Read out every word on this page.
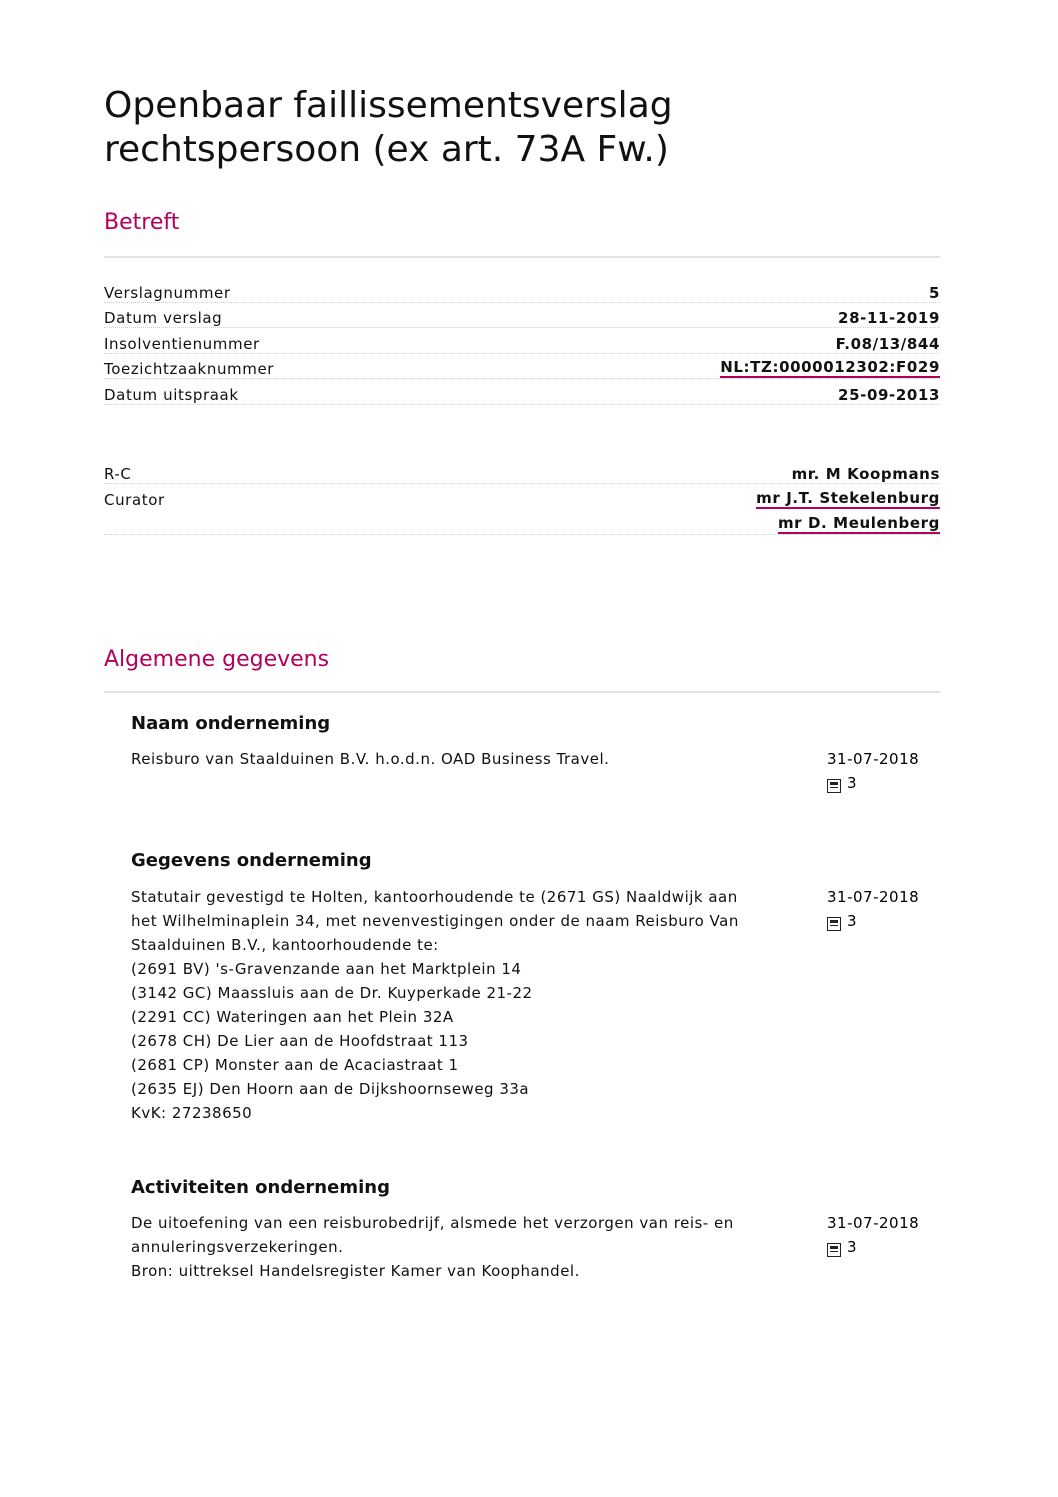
Openbaar faillissementsverslag
rechtspersoon (ex art. 73A Fw.)
Betreft
Verslagnummer	5
Datum verslag	28-11-2019
Insolventienummer	F.08/13/844
Toezichtzaaknummer	NL:TZ:0000012302:F029
Datum uitspraak	25-09-2013
R-C	mr. M Koopmans
Curator	mr J.T. Stekelenburg
mr D. Meulenberg
Algemene gegevens
Naam onderneming
Reisburo van Staalduinen B.V. h.o.d.n. OAD Business Travel.	31-07-2018
3
Gegevens onderneming
Statutair gevestigd te Holten, kantoorhoudende te (2671 GS) Naaldwijk aan
het Wilhelminaplein 34, met nevenvestigingen onder de naam Reisburo Van
Staalduinen B.V., kantoorhoudende te:
(2691 BV) 's-Gravenzande aan het Marktplein 14
(3142 GC) Maassluis aan de Dr. Kuyperkade 21-22
(2291 CC) Wateringen aan het Plein 32A
(2678 CH) De Lier aan de Hoofdstraat 113
(2681 CP) Monster aan de Acaciastraat 1
(2635 EJ) Den Hoorn aan de Dijkshoornseweg 33a
KvK: 27238650
31-07-2018
3
Activiteiten onderneming
De uitoefening van een reisburobedrijf, alsmede het verzorgen van reis- en
annuleringsverzekeringen.
Bron: uittreksel Handelsregister Kamer van Koophandel.
31-07-2018
3
